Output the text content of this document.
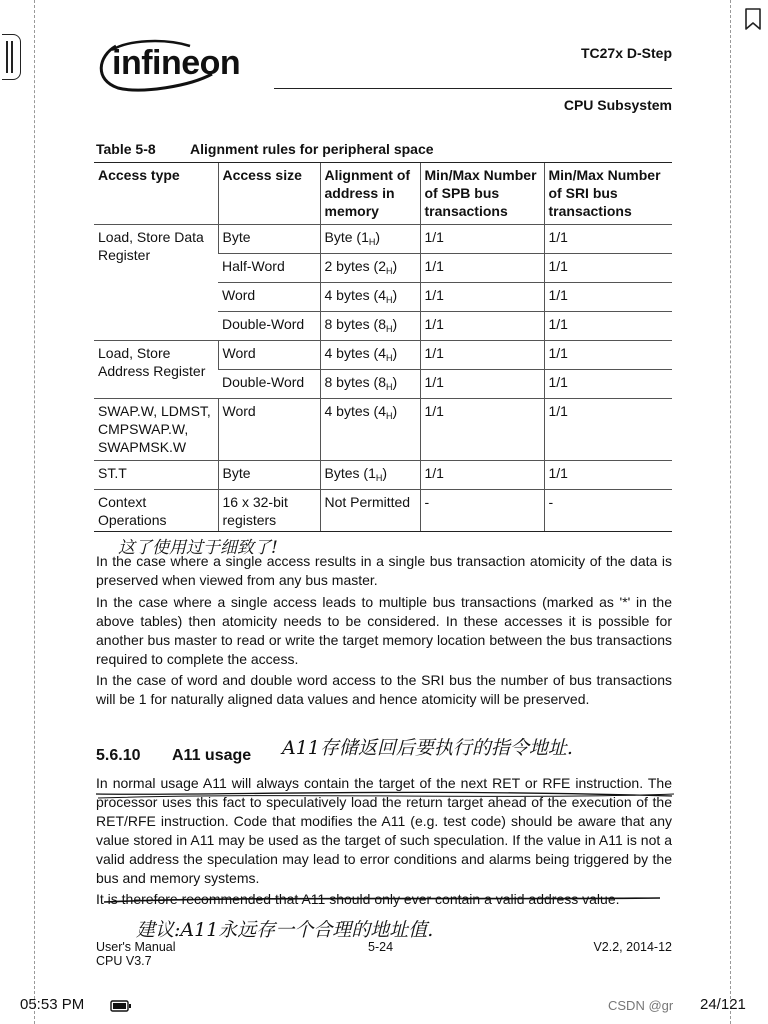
infineon	TC27x D-Step
CPU Subsystem
Table 5-8 Alignment rules for peripheral space
Access type	Access size	Alignment of address in memory	Min/Max Number of SPB bus transactions	Min/Max Number of SRI bus transactions
Load, Store Data Register	Byte	Byte $(1_H)$	1/1	1/1
	Half-Word	2 bytes $(2_H)$	1/1	1/1
	Word	4 bytes $(4_H)$	1/1	1/1
	Double-Word	8 bytes $(8_H)$	1/1	1/1
Load, Store Address Register	Word	4 bytes $(4_H)$	1/1	1/1
	Double-Word	8 bytes $(8_H)$	1/1	1/1
SWAP.W, LDMST, CMPSWAP.W, SWAPMSK.W	Word	4 bytes $(4_H)$	1/1	1/1
ST.T	Byte	Bytes $(1_H)$	1/1	1/1
Context Operations	16 x 32-bit registers	Not Permitted	-	-
这了使用过于细致了!
In the case where a single access results in a single bus transaction atomicity of the data is preserved when viewed from any bus master.
In the case where a single access leads to multiple bus transactions (marked as '*' in the above tables) then atomicity needs to be considered. In these accesses it is possible for another bus master to read or write the target memory location between the bus transactions required to complete the access.
In the case of word and double word access to the SRI bus the number of bus transactions will be 1 for naturally aligned data values and hence atomicity will be preserved.
5.6.10 A11 usage A11存储返回后要执行的指令地址.
In normal usage A11 will always contain the target of the next RET or RFE instruction. The processor uses this fact to speculatively load the return target ahead of the execution of the RET/RFE instruction. Code that modifies the A11 (e.g. test code) should be aware that any value stored in A11 may be used as the target of such speculation. If the value in A11 is not a valid address the speculation may lead to error conditions and alarms being triggered by the bus and memory systems.
It is therefore recommended that A11 should only ever contain a valid address value.
建议:A11永远存一个合理的地址值.
User's Manual
CPU V3.7
5-24	V2.2, 2014-12
05:53 PM	CSDN @gr 24/121
